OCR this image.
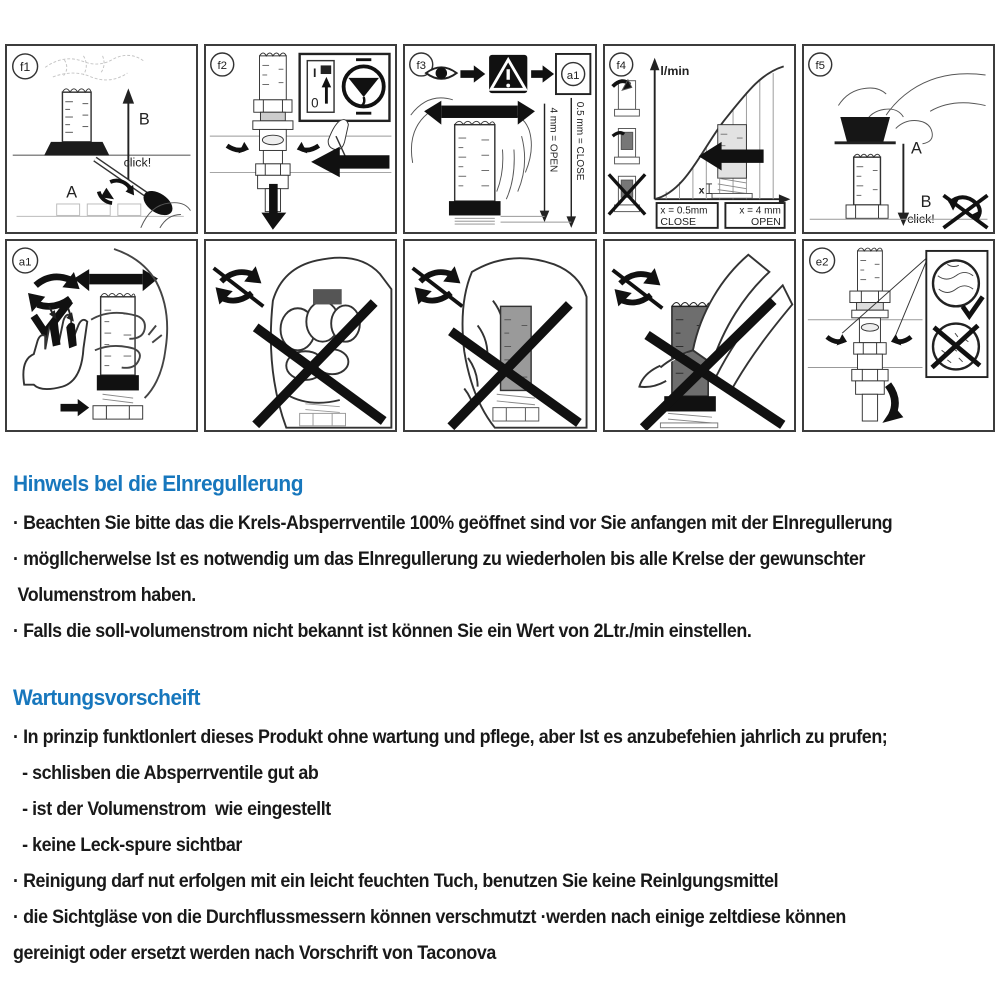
f1
B
click!
A
f2	I
0
f3
a1
4 mm = OPEN 0.5 mm = CLOSE
f4	l/min
x
x = 0.5mm
CLOSE
x = 4 mm
OPEN
f5
A
B
click!
a1	e2
Hinwels bel die Elnregullerung
· Beachten Sie bitte das die Krels-Absperrventile 100% geöffnet sind vor Sie anfangen mit der Elnregullerung
· mögllcherwelse Ist es notwendig um das Elnregullerung zu wiederholen bis alle Krelse der gewunschter
Volumenstrom haben.
· Falls die soll-volumenstrom nicht bekannt ist können Sie ein Wert von 2Ltr./min einstellen.
Wartungsvorscheift
· In prinzip funktlonlert dieses Produkt ohne wartung und pflege, aber Ist es anzubefehien jahrlich zu prufen;
- schlisben die Absperrventile gut ab
- ist der Volumenstrom  wie eingestellt
- keine Leck-spure sichtbar
· Reinigung darf nut erfolgen mit ein leicht feuchten Tuch, benutzen Sie keine Reinlgungsmittel
· die Sichtgläse von die Durchflussmessern können verschmutzt ·werden nach einige zeltdiese können
gereinigt oder ersetzt werden nach Vorschrift von Taconova
